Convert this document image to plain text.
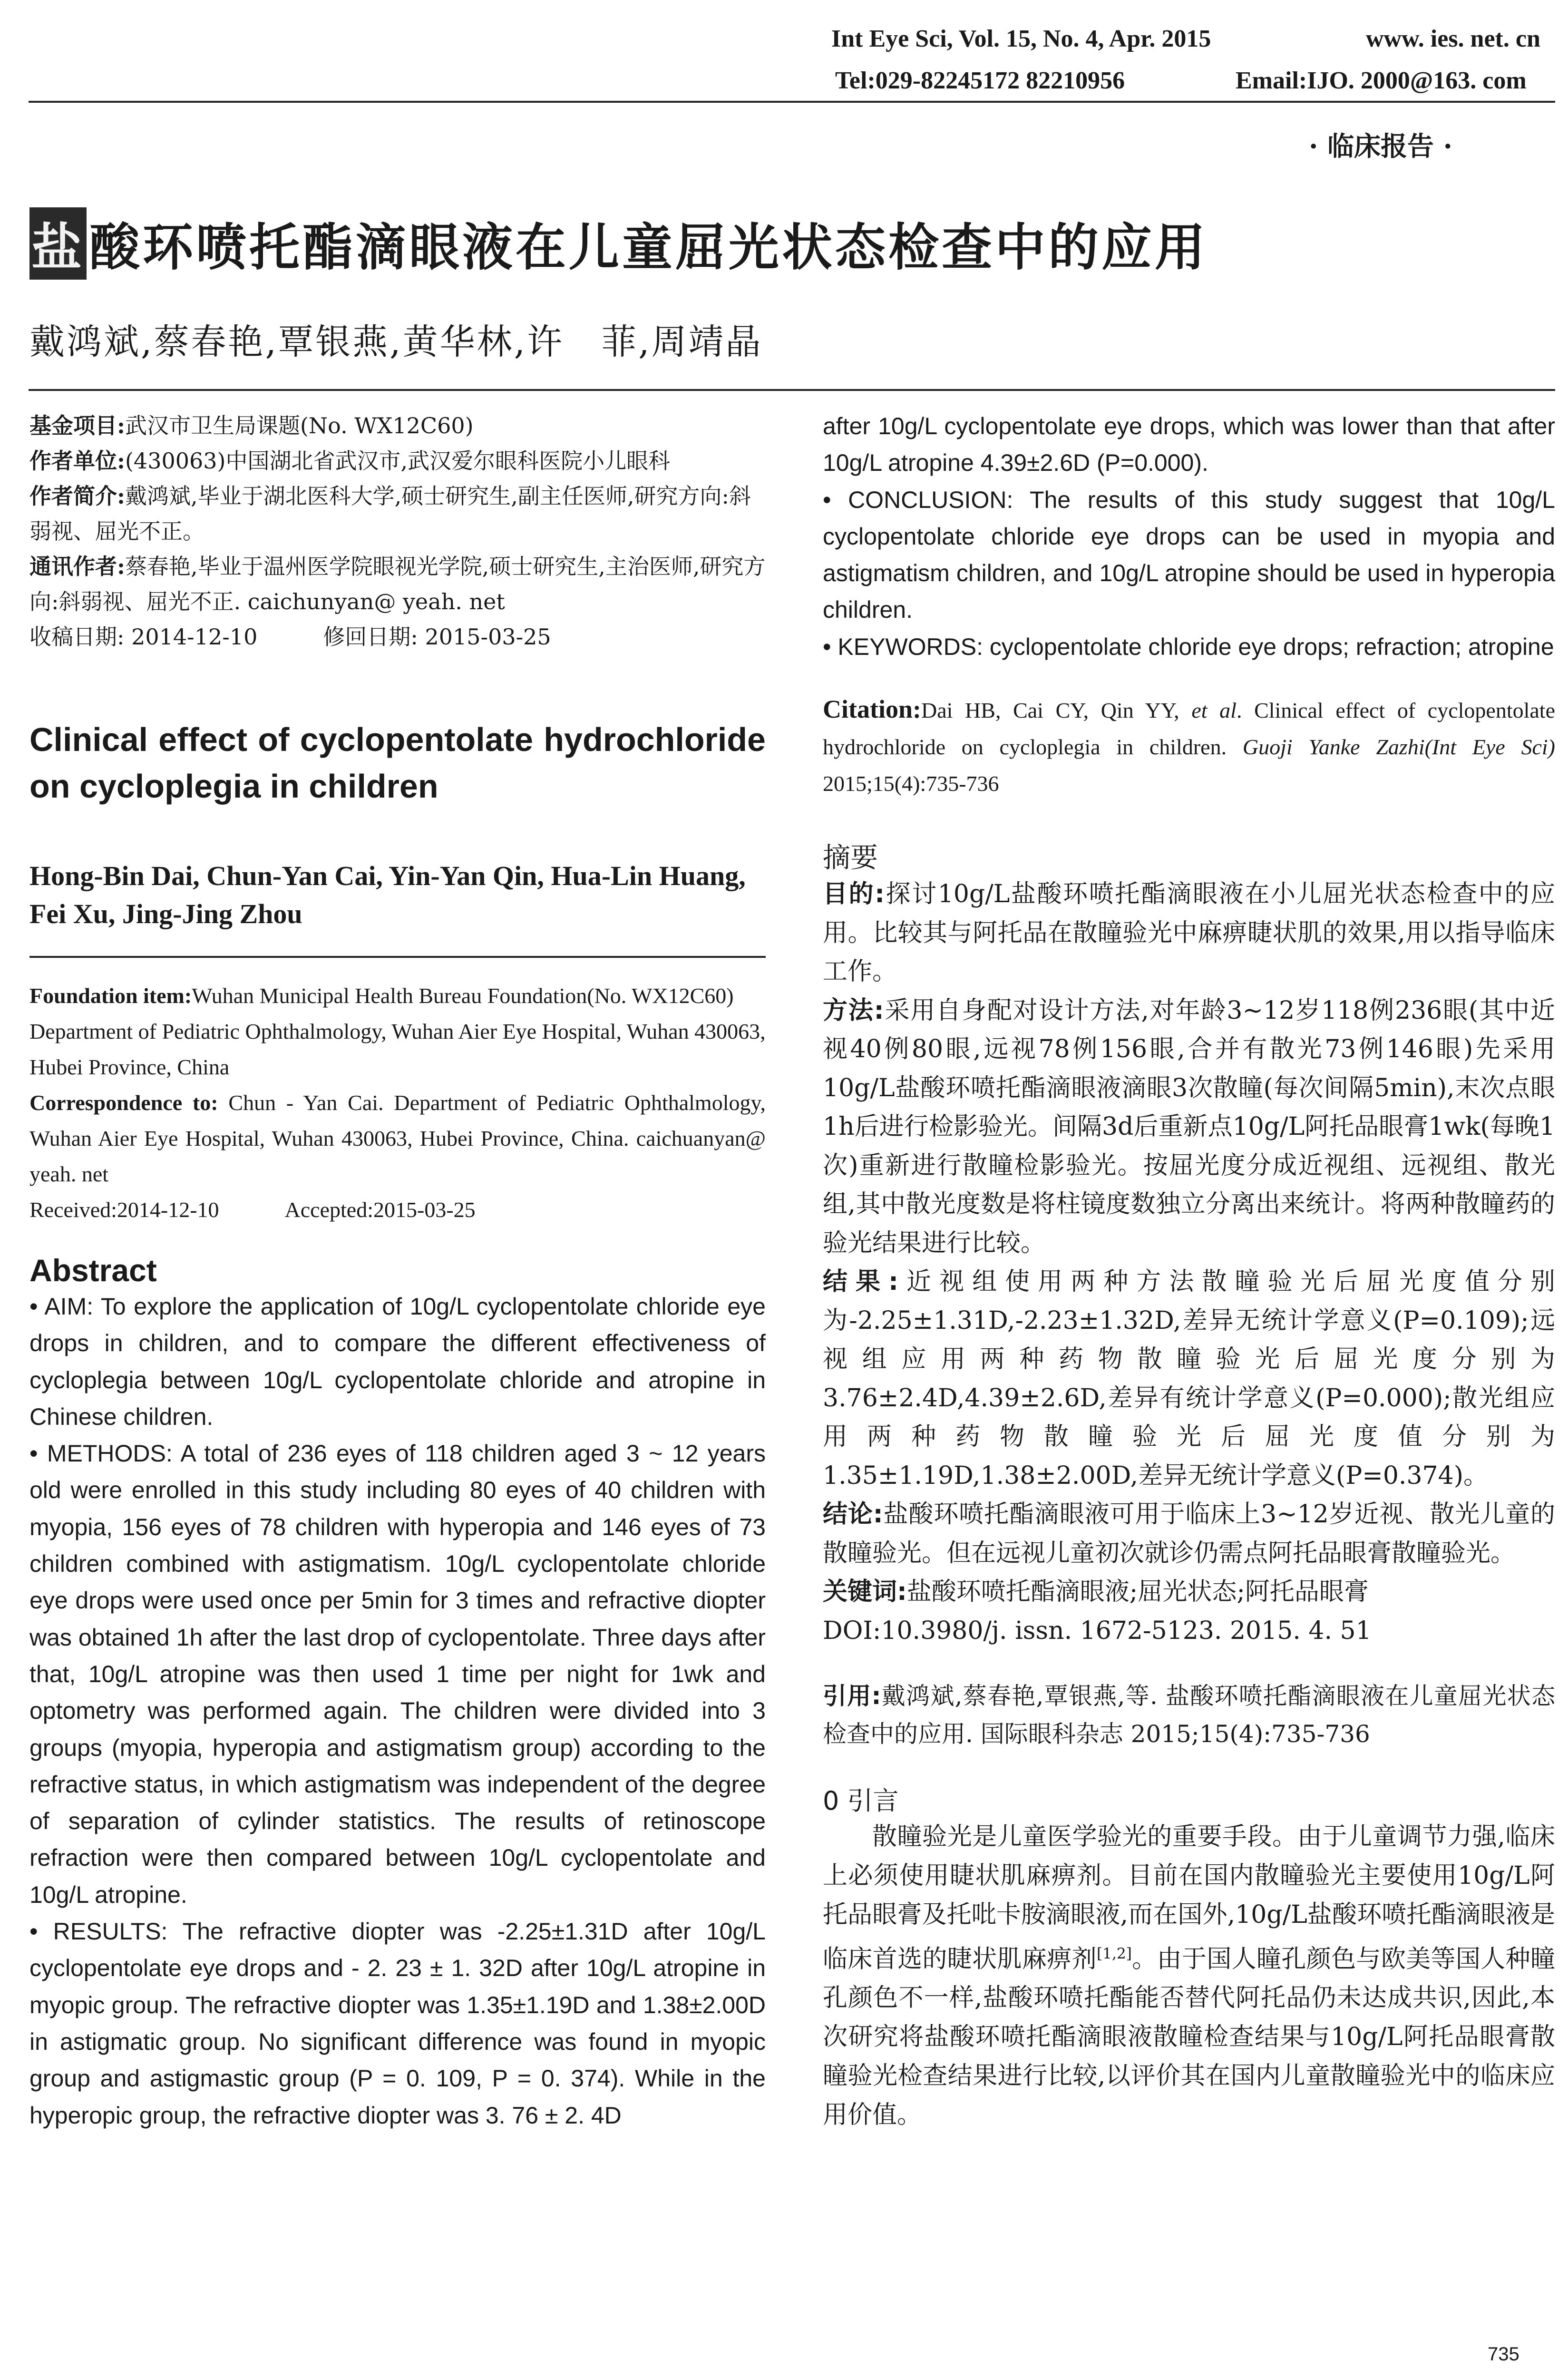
Int Eye Sci, Vol. 15, No. 4, Apr. 2015	www. ies. net. cn
Tel:029-82245172 82210956	Email:IJO. 2000@163. com
· 临床报告 ·
盐酸环喷托酯滴眼液在儿童屈光状态检查中的应用
戴鸿斌,蔡春艳,覃银燕,黄华林,许　菲,周靖晶

基金项目:武汉市卫生局课题(No. WX12C60)

作者单位:(430063)中国湖北省武汉市,武汉爱尔眼科医院小儿眼科

作者简介:戴鸿斌,毕业于湖北医科大学,硕士研究生,副主任医师,研究方向:斜弱视、屈光不正。

通讯作者:蔡春艳,毕业于温州医学院眼视光学院,硕士研究生,主治医师,研究方向:斜弱视、屈光不正. caichunyan@ yeah. net

收稿日期: 2014-12-10　　　修回日期: 2015-03-25

Clinical effect of cyclopentolate hydrochloride on cycloplegia in children

Hong-Bin Dai, Chun-Yan Cai, Yin-Yan Qin, Hua-Lin Huang, Fei Xu, Jing-Jing Zhou

Foundation item:Wuhan Municipal Health Bureau Foundation(No. WX12C60)

Department of Pediatric Ophthalmology, Wuhan Aier Eye Hospital, Wuhan 430063, Hubei Province, China

Correspondence to: Chun - Yan Cai. Department of Pediatric Ophthalmology, Wuhan Aier Eye Hospital, Wuhan 430063, Hubei Province, China. caichuanyan@ yeah. net

Received:2014-12-10　　　Accepted:2015-03-25

Abstract

• AIM: To explore the application of 10g/L cyclopentolate chloride eye drops in children, and to compare the different effectiveness of cycloplegia between 10g/L cyclopentolate chloride and atropine in Chinese children.

• METHODS: A total of 236 eyes of 118 children aged 3 ~ 12 years old were enrolled in this study including 80 eyes of 40 children with myopia, 156 eyes of 78 children with hyperopia and 146 eyes of 73 children combined with astigmatism. 10g/L cyclopentolate chloride eye drops were used once per 5min for 3 times and refractive diopter was obtained 1h after the last drop of cyclopentolate. Three days after that, 10g/L atropine was then used 1 time per night for 1wk and optometry was performed again. The children were divided into 3 groups (myopia, hyperopia and astigmatism group) according to the refractive status, in which astigmatism was independent of the degree of separation of cylinder statistics. The results of retinoscope refraction were then compared between 10g/L cyclopentolate and 10g/L atropine.

• RESULTS: The refractive diopter was -2.25±1.31D after 10g/L cyclopentolate eye drops and - 2. 23 ± 1. 32D after 10g/L atropine in myopic group. The refractive diopter was 1.35±1.19D and 1.38±2.00D in astigmatic group. No significant difference was found in myopic group and astigmastic group (P = 0. 109, P = 0. 374). While in the hyperopic group, the refractive diopter was 3. 76 ± 2. 4D

after 10g/L cyclopentolate eye drops, which was lower than that after 10g/L atropine 4.39±2.6D (P=0.000).

• CONCLUSION: The results of this study suggest that 10g/L cyclopentolate chloride eye drops can be used in myopia and astigmatism children, and 10g/L atropine should be used in hyperopia children.

• KEYWORDS: cyclopentolate chloride eye drops; refraction; atropine

Citation:Dai HB, Cai CY, Qin YY, et al. Clinical effect of cyclopentolate hydrochloride on cycloplegia in children. Guoji Yanke Zazhi(Int Eye Sci) 2015;15(4):735-736

摘要

目的:探讨10g/L盐酸环喷托酯滴眼液在小儿屈光状态检查中的应用。比较其与阿托品在散瞳验光中麻痹睫状肌的效果,用以指导临床工作。

方法:采用自身配对设计方法,对年龄3~12岁118例236眼(其中近视40例80眼,远视78例156眼,合并有散光73例146眼)先采用10g/L盐酸环喷托酯滴眼液滴眼3次散瞳(每次间隔5min),末次点眼1h后进行检影验光。间隔3d后重新点10g/L阿托品眼膏1wk(每晚1次)重新进行散瞳检影验光。按屈光度分成近视组、远视组、散光组,其中散光度数是将柱镜度数独立分离出来统计。将两种散瞳药的验光结果进行比较。

结果:近视组使用两种方法散瞳验光后屈光度值分别为-2.25±1.31D,-2.23±1.32D,差异无统计学意义(P=0.109);远视组应用两种药物散瞳验光后屈光度分别为3.76±2.4D,4.39±2.6D,差异有统计学意义(P=0.000);散光组应用两种药物散瞳验光后屈光度值分别为1.35±1.19D,1.38±2.00D,差异无统计学意义(P=0.374)。

结论:盐酸环喷托酯滴眼液可用于临床上3~12岁近视、散光儿童的散瞳验光。但在远视儿童初次就诊仍需点阿托品眼膏散瞳验光。

关键词:盐酸环喷托酯滴眼液;屈光状态;阿托品眼膏

DOI:10.3980/j. issn. 1672-5123. 2015. 4. 51

引用:戴鸿斌,蔡春艳,覃银燕,等. 盐酸环喷托酯滴眼液在儿童屈光状态检查中的应用. 国际眼科杂志 2015;15(4):735-736

0 引言

散瞳验光是儿童医学验光的重要手段。由于儿童调节力强,临床上必须使用睫状肌麻痹剂。目前在国内散瞳验光主要使用10g/L阿托品眼膏及托吡卡胺滴眼液,而在国外,10g/L盐酸环喷托酯滴眼液是临床首选的睫状肌麻痹剂[1,2]。由于国人瞳孔颜色与欧美等国人种瞳孔颜色不一样,盐酸环喷托酯能否替代阿托品仍未达成共识,因此,本次研究将盐酸环喷托酯滴眼液散瞳检查结果与10g/L阿托品眼膏散瞳验光检查结果进行比较,以评价其在国内儿童散瞳验光中的临床应用价值。

735
